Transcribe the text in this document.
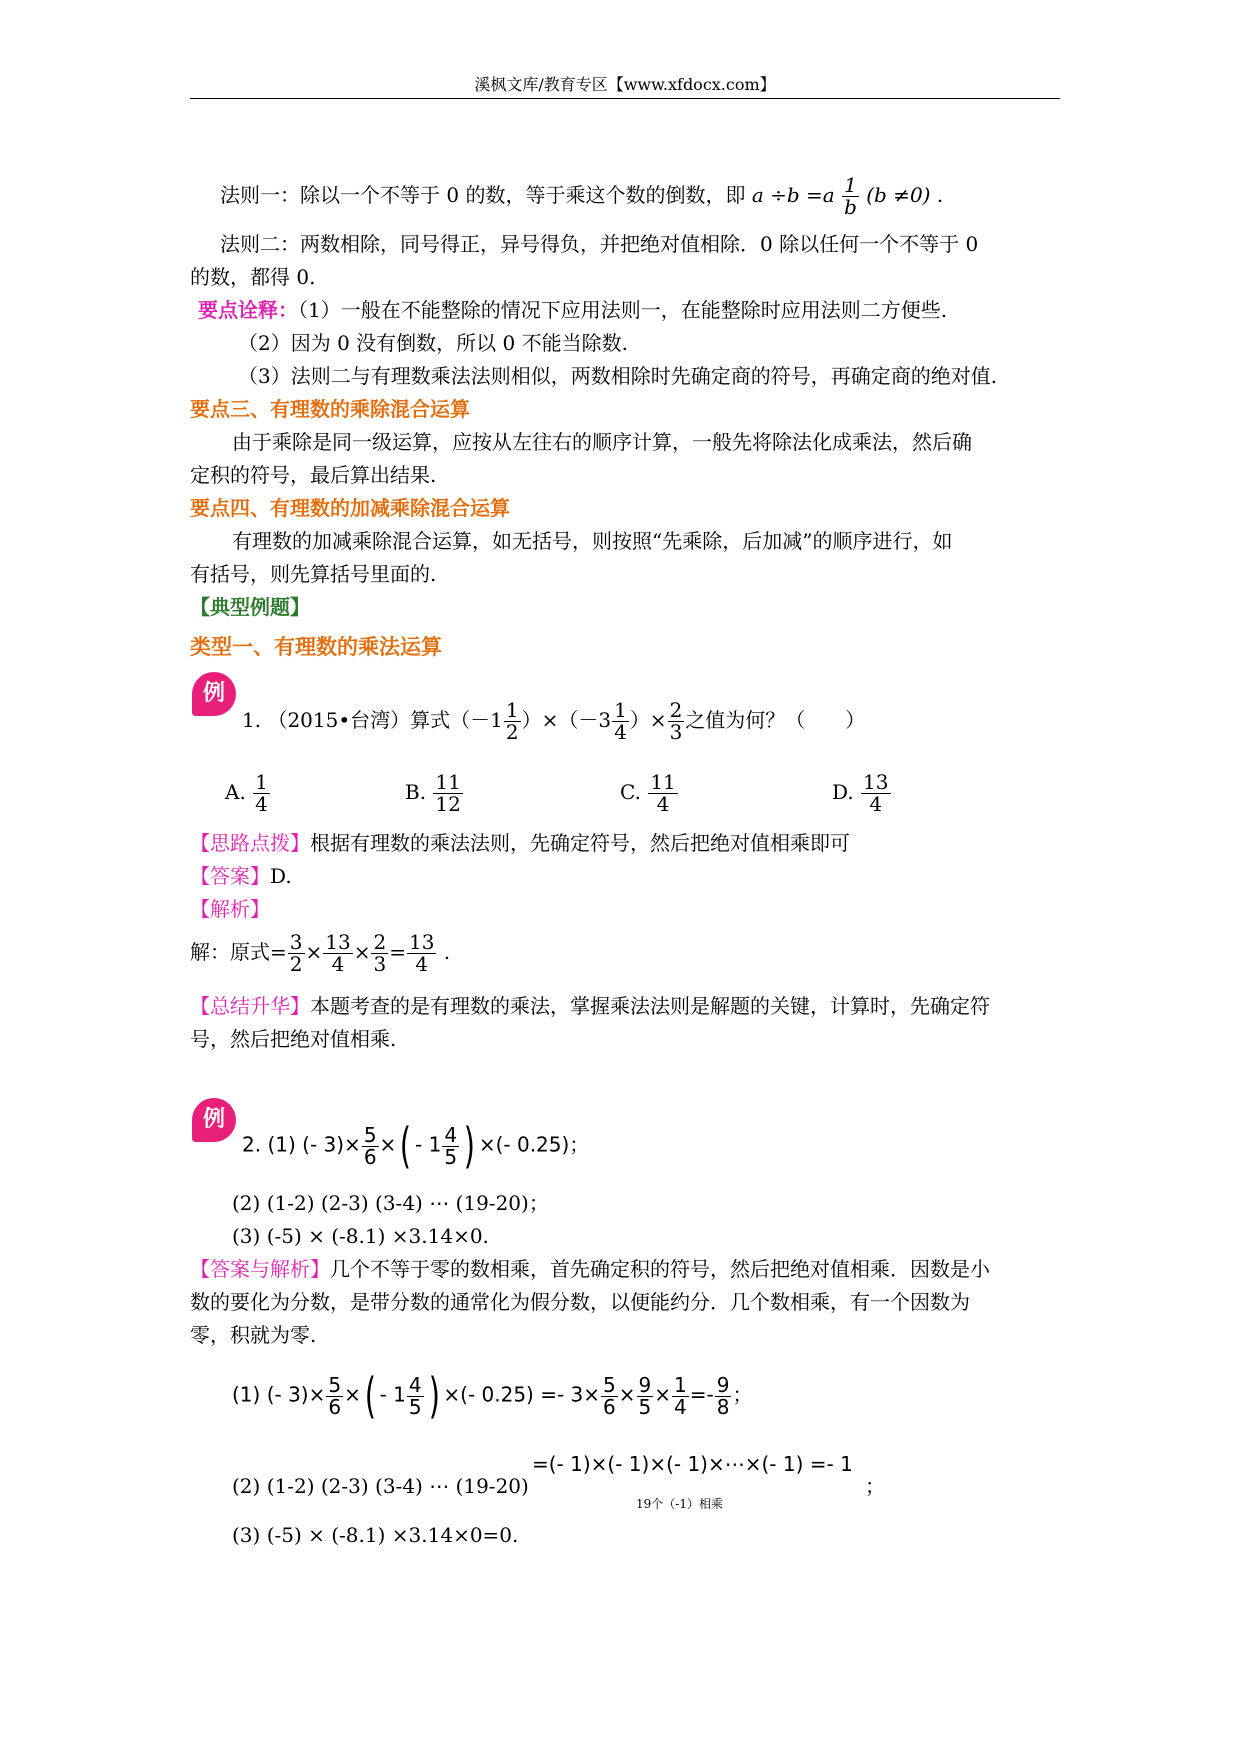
溪枫文库/教育专区【www.xfdocx.com】
法则一：除以一个不等于 0 的数，等于乘这个数的倒数，即 $a \div b =a \frac{1}{b} (b \ne 0)$ .
法则二：两数相除，同号得正，异号得负，并把绝对值相除．0 除以任何一个不等于 0
的数，都得 0.
要点诠释：（1）一般在不能整除的情况下应用法则一，在能整除时应用法则二方便些.
（2）因为 0 没有倒数，所以 0 不能当除数.
（3）法则二与有理数乘法法则相似，两数相除时先确定商的符号，再确定商的绝对值.
要点三、有理数的乘除混合运算
由于乘除是同一级运算，应按从左往右的顺序计算，一般先将除法化成乘法，然后确
定积的符号，最后算出结果.
要点四、有理数的加减乘除混合运算
有理数的加减乘除混合运算，如无括号，则按照“先乘除，后加减”的顺序进行，如
有括号，则先算括号里面的.
【典型例题】
类型一、有理数的乘法运算
例
1. （2015•台湾）算式$(-1 \frac{1}{2} )\times(-3 \frac{1}{4}$ ）× $\frac{2}{3}$ 之值为何？（　　）
A. $\frac{1}{4}$	B. $\frac{11}{12}$	C. $\frac{11}{4}$	D. $\frac{13}{4}$
【思路点拨】根据有理数的乘法法则，先确定符号，然后把绝对值相乘即可
【答案】D.
【解析】
解：原式= $\frac{3}{2} \times \frac{13}{4} \times \frac{2}{3} = \frac{13}{4}$ .
【总结升华】本题考查的是有理数的乘法，掌握乘法法则是解题的关键，计算时，先确定符
号，然后把绝对值相乘.
例
2. (1) (- $3)\times \frac{5}{6}$ ×( - $1 \frac{4}{5}$ ) ×(- 0.25)；
(2) (1-2) (2-3) (3-4) ⋯ (19-20)；
(3) (-5) × (-8.1) ×3.14×0.
【答案与解析】几个不等于零的数相乘，首先确定积的符号，然后把绝对值相乘．因数是小
数的要化为分数，是带分数的通常化为假分数，以便能约分．几个数相乘，有一个因数为
零，积就为零.
(1) (- $3)\times \frac{5}{6}$ ×( - $1 \frac{4}{5}$ ) ×(- $0.25) =- 3\times \frac{5}{6} \times \frac{9}{5} \times \frac{1}{4} =- \frac{9}{8}$ ；
(2) (1-2) (2-3) (3-4) ⋯ (19-20)
=(- 1)×(- 1)×(- 1)×⋯×(- 1) =- 1
19个（-1）相乘
；
(3) (-5) × (-8.1) ×3.14×0=0.
